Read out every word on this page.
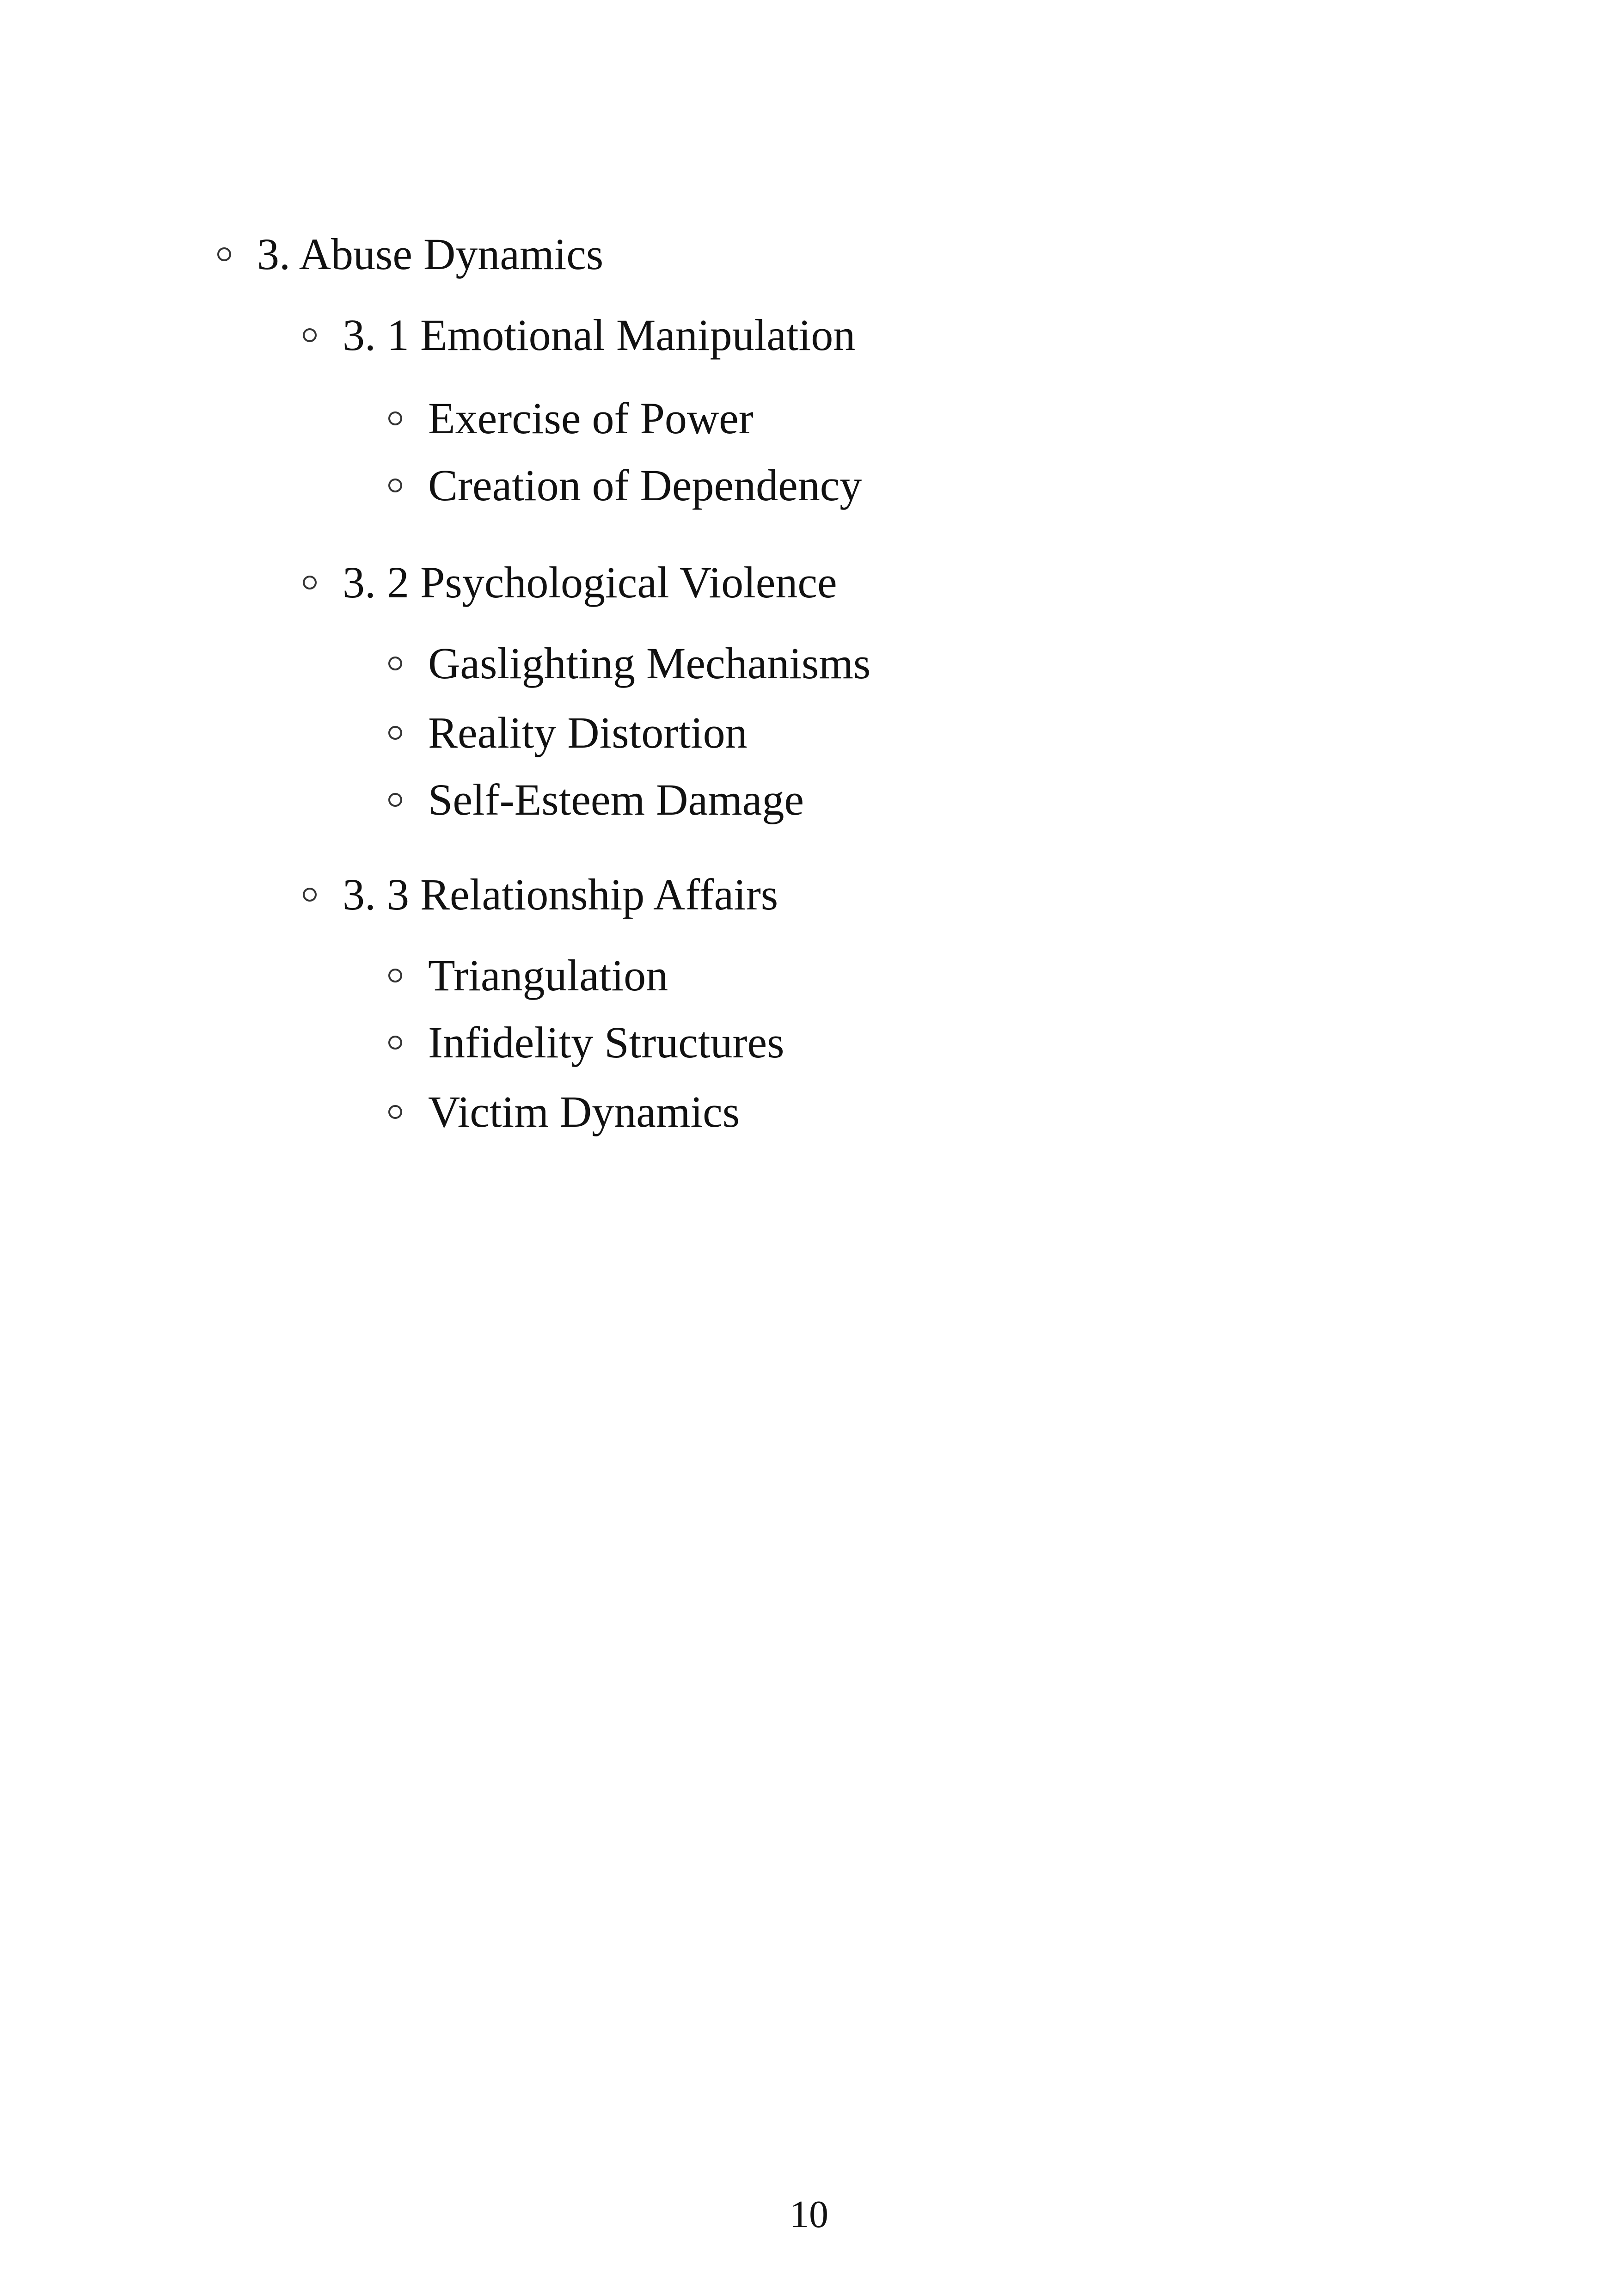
3. Abuse Dynamics
3. 1 Emotional Manipulation
Exercise of Power
Creation of Dependency
3. 2 Psychological Violence
Gaslighting Mechanisms
Reality Distortion
Self-Esteem Damage
3. 3 Relationship Affairs
Triangulation
Infidelity Structures
Victim Dynamics
10
